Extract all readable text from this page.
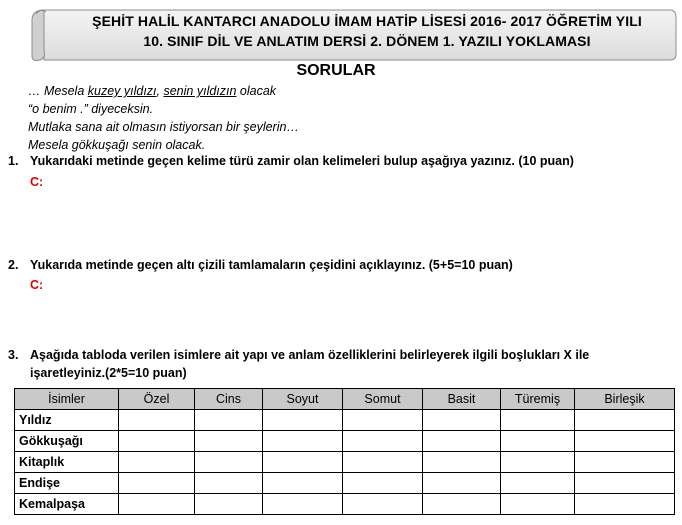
ŞEHİT HALİL KANTARCI ANADOLU İMAM HATİP LİSESİ 2016- 2017 ÖĞRETİM YILI
10. SINIF DİL VE ANLATIM DERSİ 2. DÖNEM 1. YAZILI YOKLAMASI
SORULAR
… Mesela kuzey yıldızı, senin yıldızın olacak
“o benim .” diyeceksin.
Mutlaka sana ait olmasın istiyorsan bir şeylerin…
Mesela gökkuşağı senin olacak.
1. Yukarıdaki metinde geçen kelime türü zamir olan kelimeleri bulup aşağıya yazınız. (10 puan)
C:
2. Yukarıda metinde geçen altı çizili tamlamaların çeşidini açıklayınız. (5+5=10 puan)
C:
3. Aşağıda tabloda verilen isimlere ait yapı ve anlam özelliklerini belirleyerek ilgili boşlukları X ile
işaretleyiniz.(2*5=10 puan)
İsimler	Özel	Cins	Soyut	Somut	Basit	Türemiş	Birleşik
Yıldız							
Gökkuşağı							
Kitaplık							
Endişe							
Kemalpaşa							
